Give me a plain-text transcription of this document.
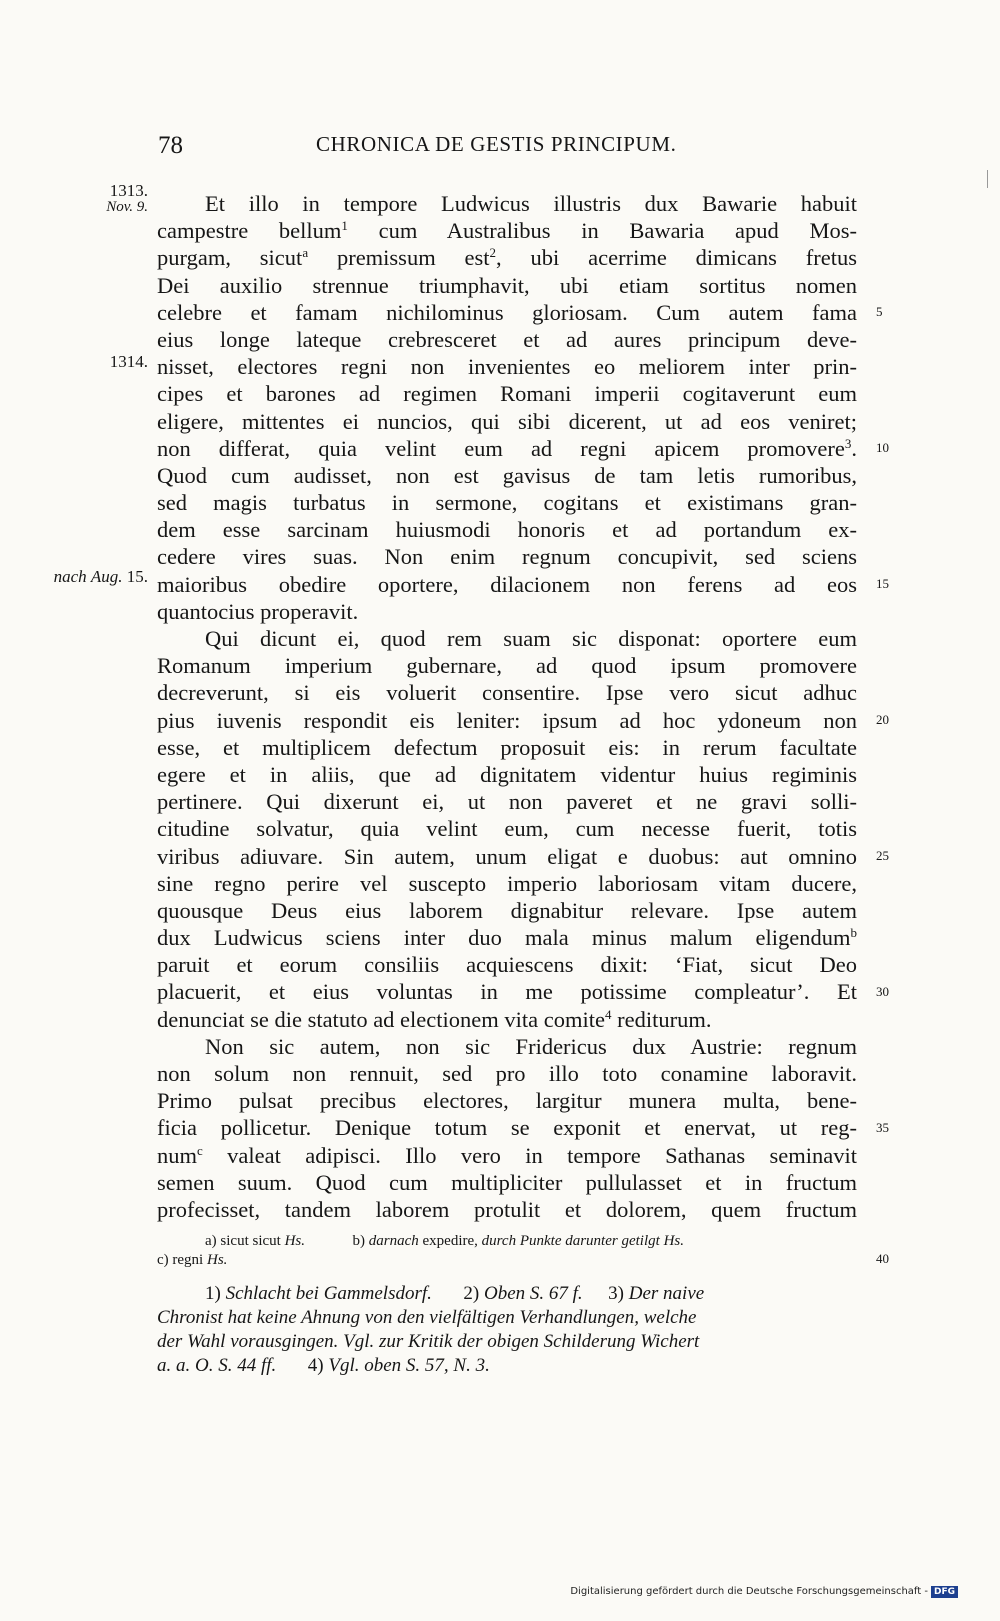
78	CHRONICA DE GESTIS PRINCIPUM.
1313.
Nov. 9.
1314.
nach Aug. 15.
5
10
15
20
25
30
35
40
Et illo in tempore Ludwicus illustris dux Bawarie habuit
campestre bellum$^1$ cum Australibus in Bawaria apud Mos-
purgam, sicut$^a$ premissum est$^2$, ubi acerrime dimicans fretus
Dei auxilio strennue triumphavit, ubi etiam sortitus nomen
celebre et famam nichilominus gloriosam. Cum autem fama
eius longe lateque crebresceret et ad aures principum deve-
nisset, electores regni non invenientes eo meliorem inter prin-
cipes et barones ad regimen Romani imperii cogitaverunt eum
eligere, mittentes ei nuncios, qui sibi dicerent, ut ad eos veniret;
non differat, quia velint eum ad regni apicem promovere$^3$.
Quod cum audisset, non est gavisus de tam letis rumoribus,
sed magis turbatus in sermone, cogitans et existimans gran-
dem esse sarcinam huiusmodi honoris et ad portandum ex-
cedere vires suas. Non enim regnum concupivit, sed sciens
maioribus obedire oportere, dilacionem non ferens ad eos
quantocius properavit.
Qui dicunt ei, quod rem suam sic disponat: oportere eum
Romanum imperium gubernare, ad quod ipsum promovere
decreverunt, si eis voluerit consentire. Ipse vero sicut adhuc
pius iuvenis respondit eis leniter: ipsum ad hoc ydoneum non
esse, et multiplicem defectum proposuit eis: in rerum facultate
egere et in aliis, que ad dignitatem videntur huius regiminis
pertinere. Qui dixerunt ei, ut non paveret et ne gravi solli-
citudine solvatur, quia velint eum, cum necesse fuerit, totis
viribus adiuvare. Sin autem, unum eligat e duobus: aut omnino
sine regno perire vel suscepto imperio laboriosam vitam ducere,
quousque Deus eius laborem dignabitur relevare. Ipse autem
dux Ludwicus sciens inter duo mala minus malum eligendum$^b$
paruit et eorum consiliis acquiescens dixit: ‘Fiat, sicut Deo
placuerit, et eius voluntas in me potissime compleatur’. Et
denunciat se die statuto ad electionem vita comite$^4$ rediturum.
Non sic autem, non sic Fridericus dux Austrie: regnum
non solum non rennuit, sed pro illo toto conamine laboravit.
Primo pulsat precibus electores, largitur munera multa, bene-
ficia pollicetur. Denique totum se exponit et enervat, ut reg-
num$^c$ valeat adipisci. Illo vero in tempore Sathanas seminavit
semen suum. Quod cum multipliciter pullulasset et in fructum
profecisset, tandem laborem protulit et dolorem, quem fructum
a) sicut sicut Hs.	b) darnach expedire, durch Punkte darunter getilgt Hs.
c) regni Hs.
1) Schlacht bei Gammelsdorf. 2) Oben S. 67 f. 3) Der naive
Chronist hat keine Ahnung von den vielfältigen Verhandlungen, welche
der Wahl vorausgingen. Vgl. zur Kritik der obigen Schilderung Wichert
a. a. O. S. 44 ff. 4) Vgl. oben S. 57, N. 3.
Digitalisierung gefördert durch die Deutsche Forschungsgemeinschaft - DFG
